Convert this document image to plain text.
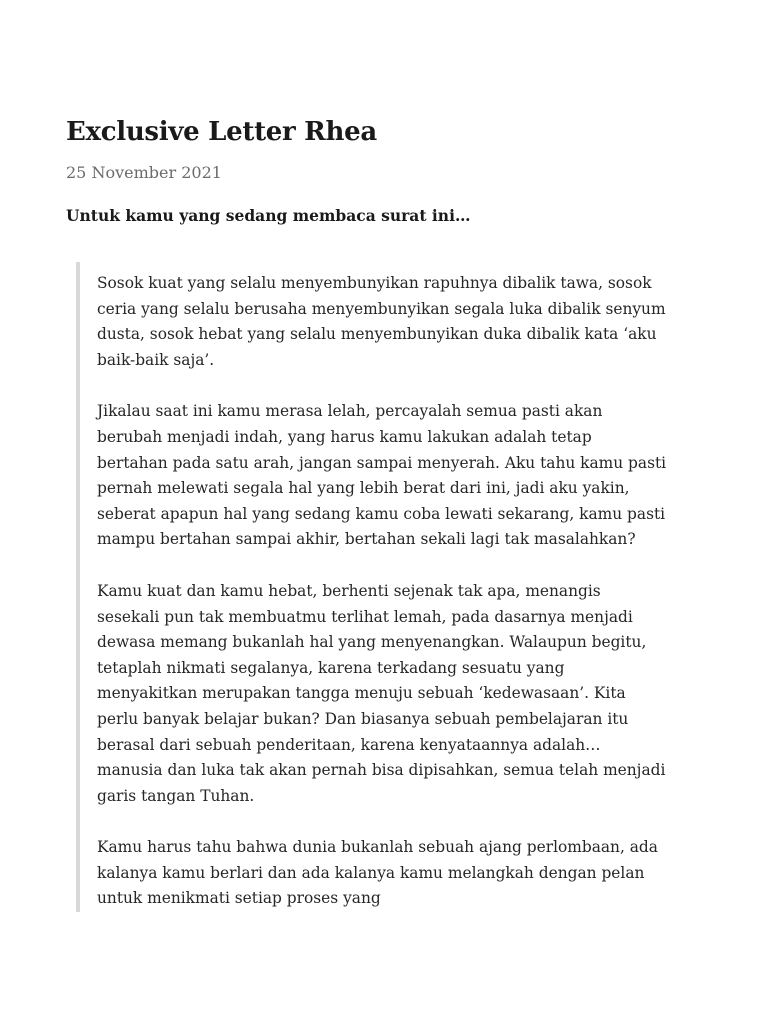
Exclusive Letter Rhea
25 November 2021
Untuk kamu yang sedang membaca surat ini…

Sosok kuat yang selalu menyembunyikan rapuhnya dibalik tawa, sosok ceria yang selalu berusaha menyembunyikan segala luka dibalik senyum dusta, sosok hebat yang selalu menyembunyikan duka dibalik kata ‘aku baik-baik saja’.

Jikalau saat ini kamu merasa lelah, percayalah semua pasti akan berubah menjadi indah, yang harus kamu lakukan adalah tetap bertahan pada satu arah, jangan sampai menyerah. Aku tahu kamu pasti pernah melewati segala hal yang lebih berat dari ini, jadi aku yakin, seberat apapun hal yang sedang kamu coba lewati sekarang, kamu pasti mampu bertahan sampai akhir, bertahan sekali lagi tak masalahkan?

Kamu kuat dan kamu hebat, berhenti sejenak tak apa, menangis sesekali pun tak membuatmu terlihat lemah, pada dasarnya menjadi dewasa memang bukanlah hal yang menyenangkan. Walaupun begitu, tetaplah nikmati segalanya, karena terkadang sesuatu yang menyakitkan merupakan tangga menuju sebuah ‘kedewasaan’. Kita perlu banyak belajar bukan? Dan biasanya sebuah pembelajaran itu berasal dari sebuah penderitaan, karena kenyataannya adalah… manusia dan luka tak akan pernah bisa dipisahkan, semua telah menjadi garis tangan Tuhan.

Kamu harus tahu bahwa dunia bukanlah sebuah ajang perlombaan, ada kalanya kamu berlari dan ada kalanya kamu melangkah dengan pelan untuk menikmati setiap proses yang
